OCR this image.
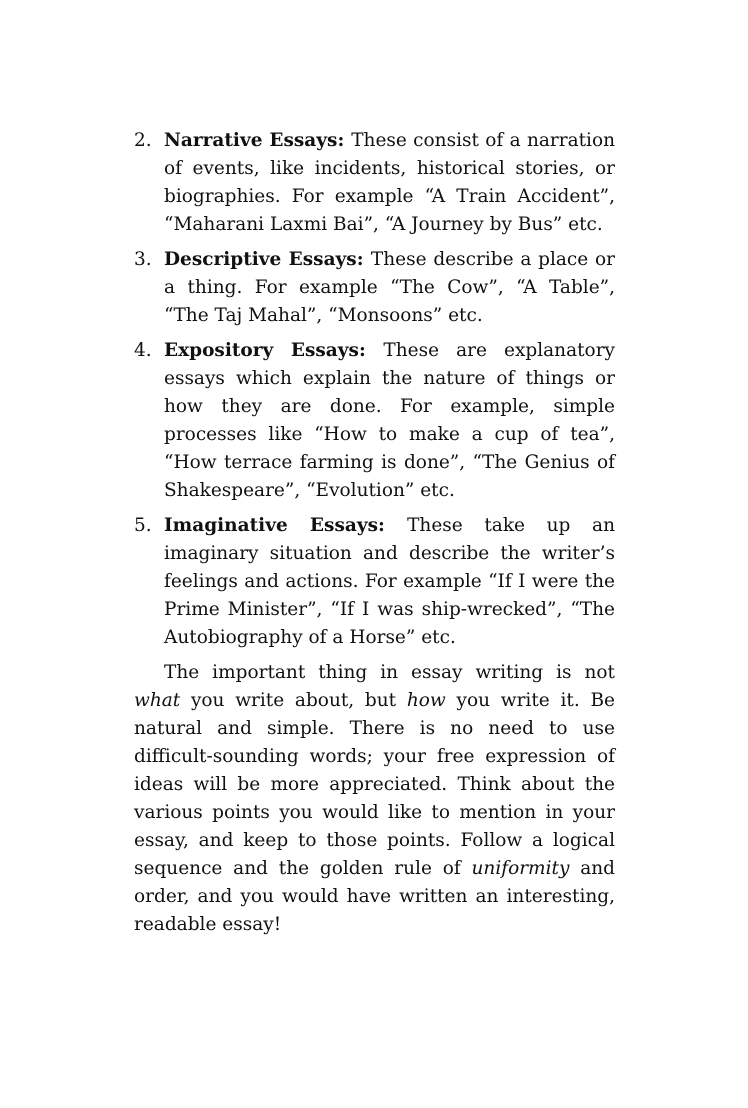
2. Narrative Essays: These consist of a narration of events, like incidents, historical stories, or biographies. For example “A Train Accident”, “Maharani Laxmi Bai”, “A Journey by Bus” etc.
3. Descriptive Essays: These describe a place or a thing. For example “The Cow”, “A Table”, “The Taj Mahal”, “Monsoons” etc.
4. Expository Essays: These are explanatory essays which explain the nature of things or how they are done. For example, simple processes like “How to make a cup of tea”, “How terrace farming is done”, “The Genius of Shakespeare”, “Evolution” etc.
5. Imaginative Essays: These take up an imaginary situation and describe the writer’s feelings and actions. For example “If I were the Prime Minister”, “If I was ship-wrecked”, “The Autobiography of a Horse” etc.

The important thing in essay writing is not what you write about, but how you write it. Be natural and simple. There is no need to use difficult-sounding words; your free expression of ideas will be more appreciated. Think about the various points you would like to mention in your essay, and keep to those points. Follow a logical sequence and the golden rule of uniformity and order, and you would have written an interesting, readable essay!
